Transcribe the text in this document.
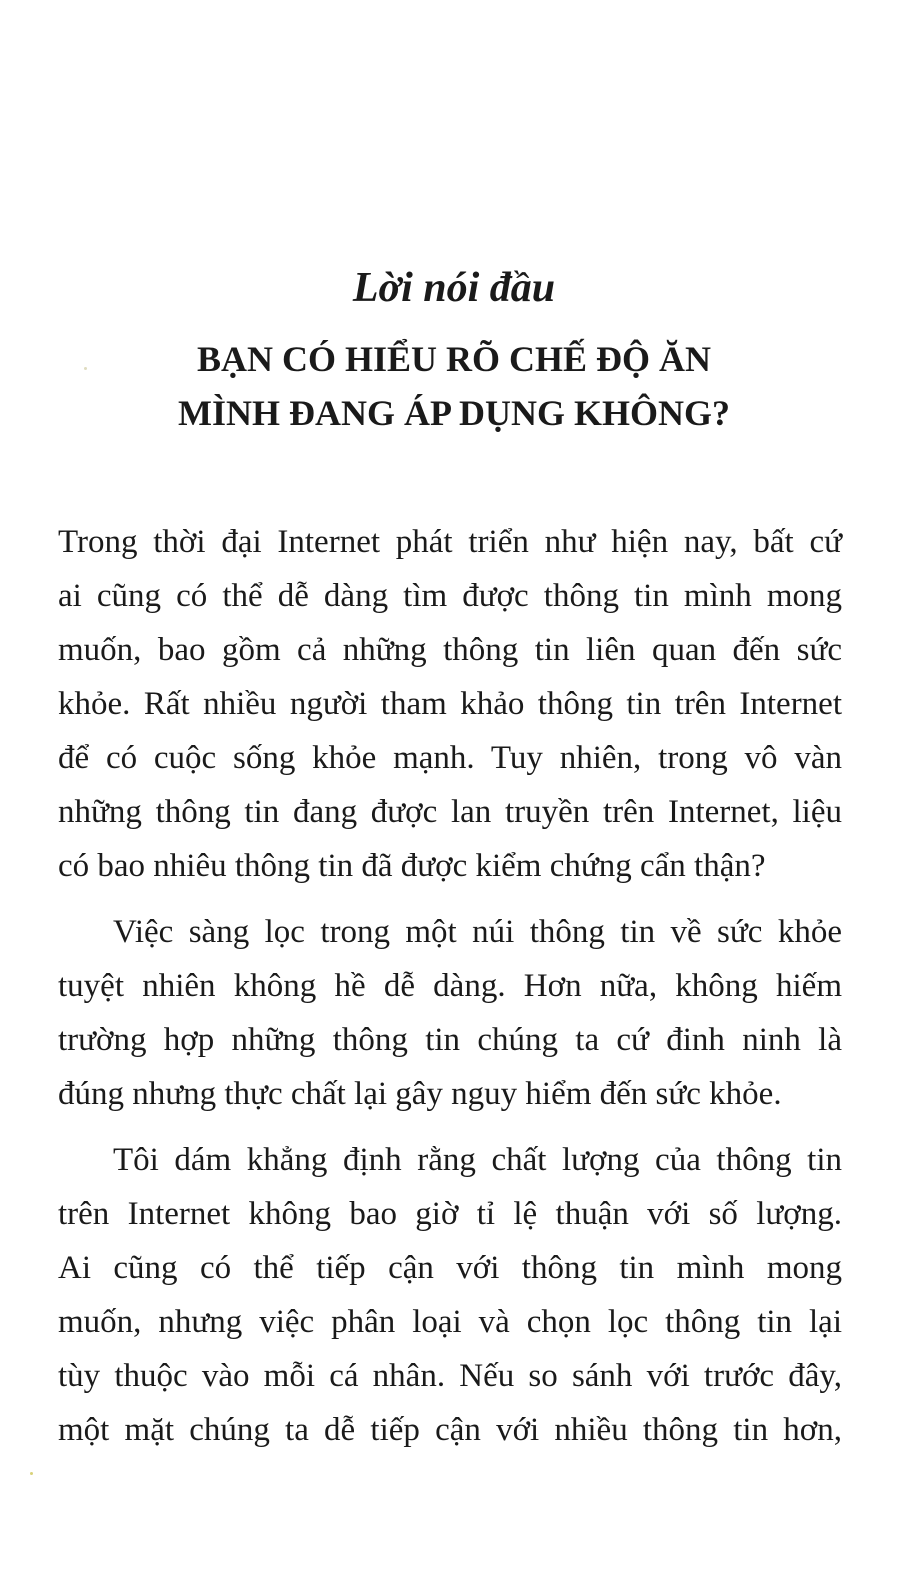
Lời nói đầu
BẠN CÓ HIỂU RÕ CHẾ ĐỘ ĂN
MÌNH ĐANG ÁP DỤNG KHÔNG?

Trong thời đại Internet phát triển như hiện nay, bất cứ
ai cũng có thể dễ dàng tìm được thông tin mình mong
muốn, bao gồm cả những thông tin liên quan đến sức
khỏe. Rất nhiều người tham khảo thông tin trên Internet
để có cuộc sống khỏe mạnh. Tuy nhiên, trong vô vàn
những thông tin đang được lan truyền trên Internet, liệu
có bao nhiêu thông tin đã được kiểm chứng cẩn thận?

Việc sàng lọc trong một núi thông tin về sức khỏe
tuyệt nhiên không hề dễ dàng. Hơn nữa, không hiếm
trường hợp những thông tin chúng ta cứ đinh ninh là
đúng nhưng thực chất lại gây nguy hiểm đến sức khỏe.

Tôi dám khẳng định rằng chất lượng của thông tin
trên Internet không bao giờ tỉ lệ thuận với số lượng.
Ai cũng có thể tiếp cận với thông tin mình mong
muốn, nhưng việc phân loại và chọn lọc thông tin lại
tùy thuộc vào mỗi cá nhân. Nếu so sánh với trước đây,
một mặt chúng ta dễ tiếp cận với nhiều thông tin hơn,
